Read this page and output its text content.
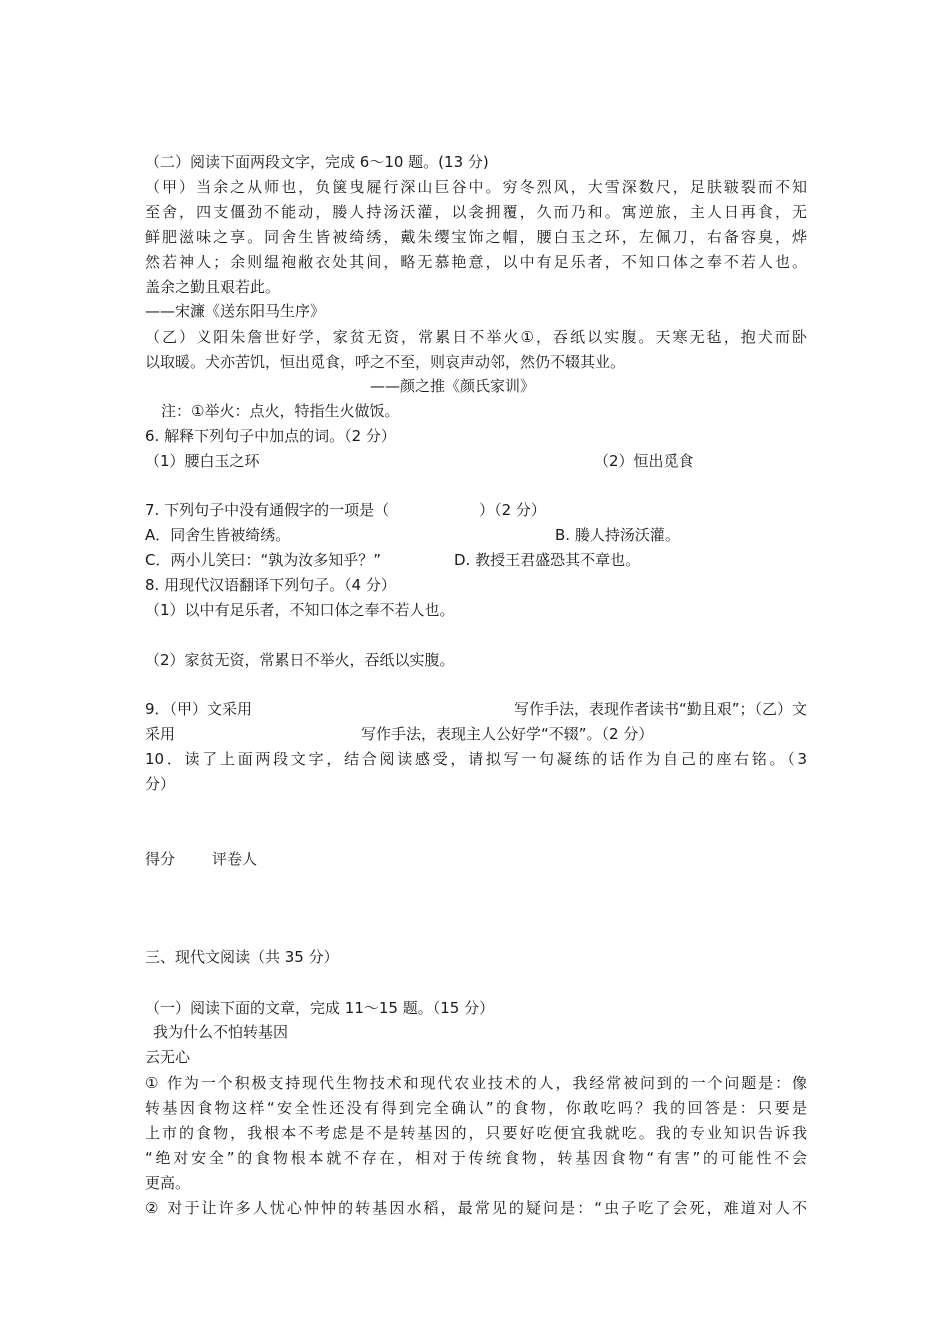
（二）阅读下面两段文字，完成 6～10 题。(13 分)
（甲）当余之从师也，负箧曳屣行深山巨谷中。穷冬烈风，大雪深数尺，足肤皲裂而不知
至舍，四支僵劲不能动，媵人持汤沃灌，以衾拥覆，久而乃和。寓逆旅，主人日再食，无
鲜肥滋味之享。同舍生皆被绮绣，戴朱缨宝饰之帽，腰白玉之环，左佩刀，右备容臭，烨
然若神人；余则缊袍敝衣处其间，略无慕艳意，以中有足乐者，不知口体之奉不若人也。
盖余之勤且艰若此。
——宋濂《送东阳马生序》
（乙）义阳朱詹世好学，家贫无资，常累日不举火①，吞纸以实腹。天寒无毡，抱犬而卧
以取暖。犬亦苦饥，恒出觅食，呼之不至，则哀声动邻，然仍不辍其业。
——颜之推《颜氏家训》
注：①举火：点火，特指生火做饭。
6. 解释下列句子中加点的词。（2 分）
（1）腰白玉之环	（2）恒出觅食
7. 下列句子中没有通假字的一项是（　　　　　　）（2 分）
A．同舍生皆被绮绣。	B. 媵人持汤沃灌。
C．两小儿笑曰：“孰为汝多知乎？”	D. 教授王君盛恐其不章也。
8. 用现代汉语翻译下列句子。（4 分）
（1）以中有足乐者，不知口体之奉不若人也。
（2）家贫无资，常累日不举火，吞纸以实腹。
9．（甲）文采用	写作手法，表现作者读书“勤且艰”；（乙）文
采用	写作手法，表现主人公好学“不辍”。（2 分）
10．读了上面两段文字，结合阅读感受，请拟写一句凝练的话作为自己的座右铭。（3
分）
得分 评卷人
三、现代文阅读（共 35 分）
（一）阅读下面的文章，完成 11～15 题。（15 分）
我为什么不怕转基因
云无心
① 作为一个积极支持现代生物技术和现代农业技术的人，我经常被问到的一个问题是：像
转基因食物这样“安全性还没有得到完全确认”的食物，你敢吃吗？我的回答是：只要是
上市的食物，我根本不考虑是不是转基因的，只要好吃便宜我就吃。我的专业知识告诉我
“绝对安全”的食物根本就不存在，相对于传统食物，转基因食物“有害”的可能性不会
更高。
② 对于让许多人忧心忡忡的转基因水稻，最常见的疑问是：“虫子吃了会死，难道对人不
